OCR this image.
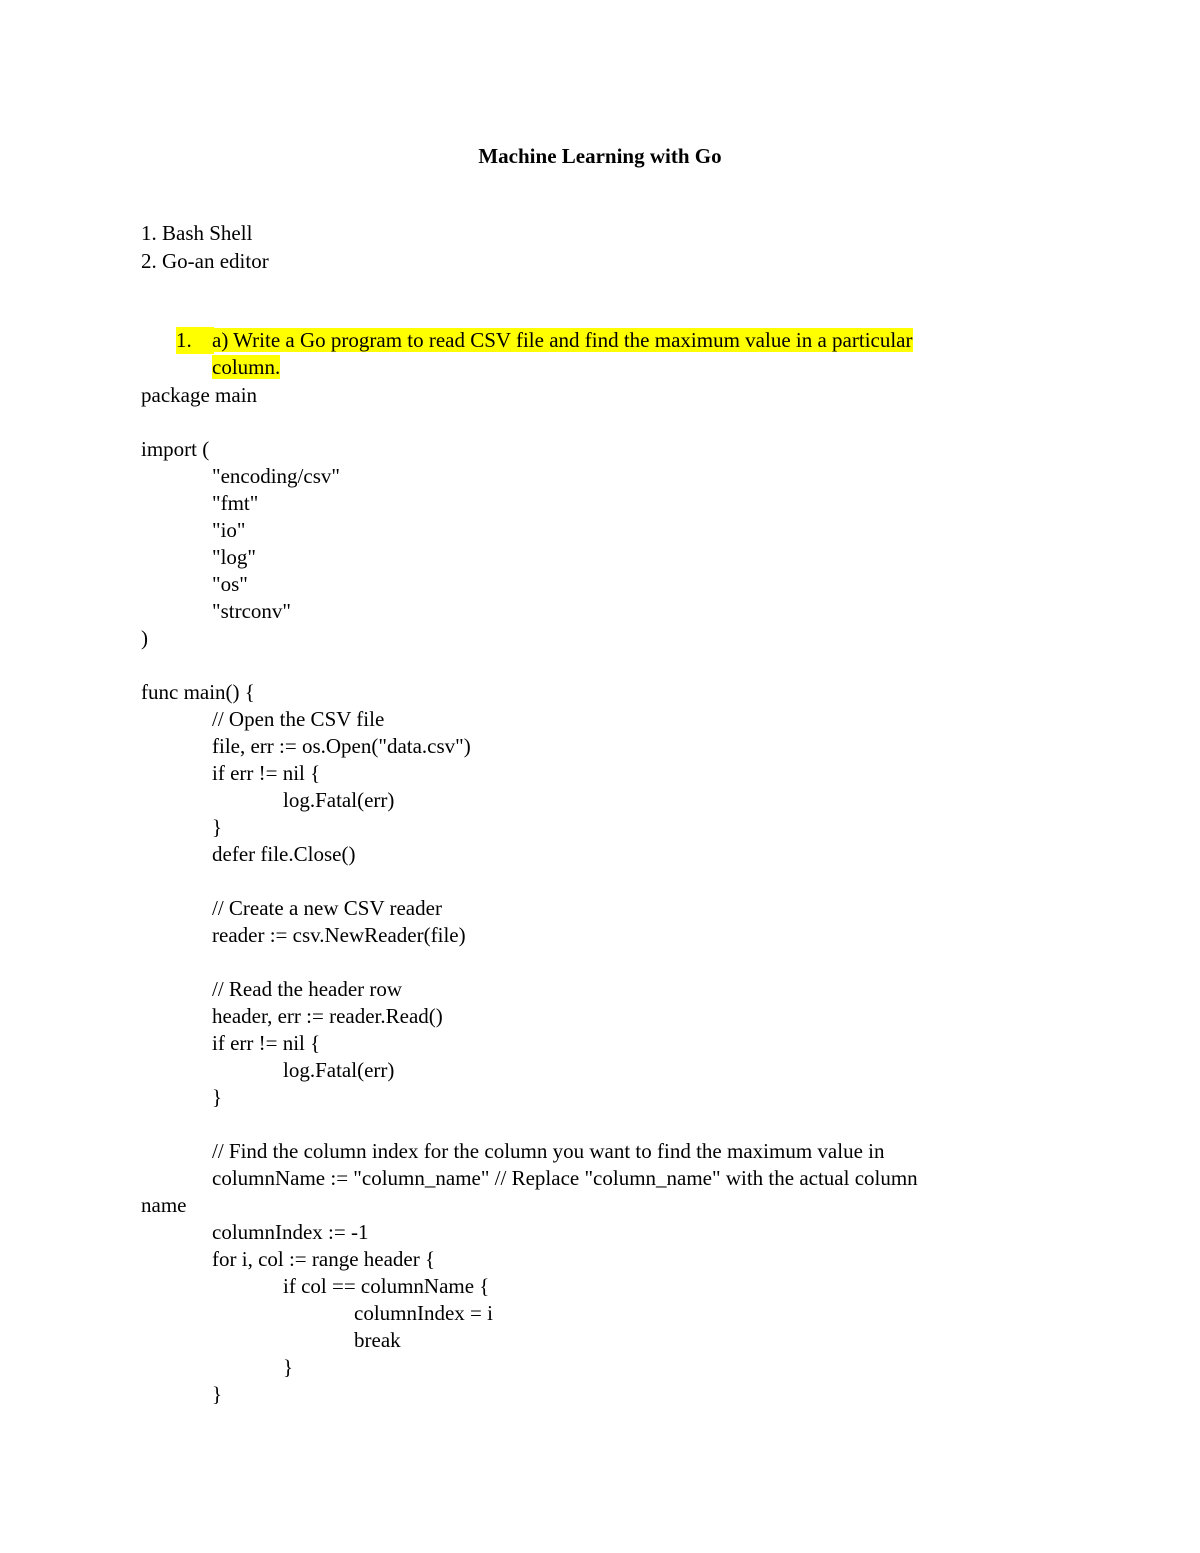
Machine Learning with Go
1. Bash Shell
2. Go-an editor
1. a) Write a Go program to read CSV file and find the maximum value in a particular
column.
package main
import (
"encoding/csv"
"fmt"
"io"
"log"
"os"
"strconv"
)
func main() {
// Open the CSV file
file, err := os.Open("data.csv")
if err != nil {
log.Fatal(err)
}
defer file.Close()
// Create a new CSV reader
reader := csv.NewReader(file)
// Read the header row
header, err := reader.Read()
if err != nil {
log.Fatal(err)
}
// Find the column index for the column you want to find the maximum value in
columnName := "column_name" // Replace "column_name" with the actual column
name
columnIndex := -1
for i, col := range header {
if col == columnName {
columnIndex = i
break
}
}
